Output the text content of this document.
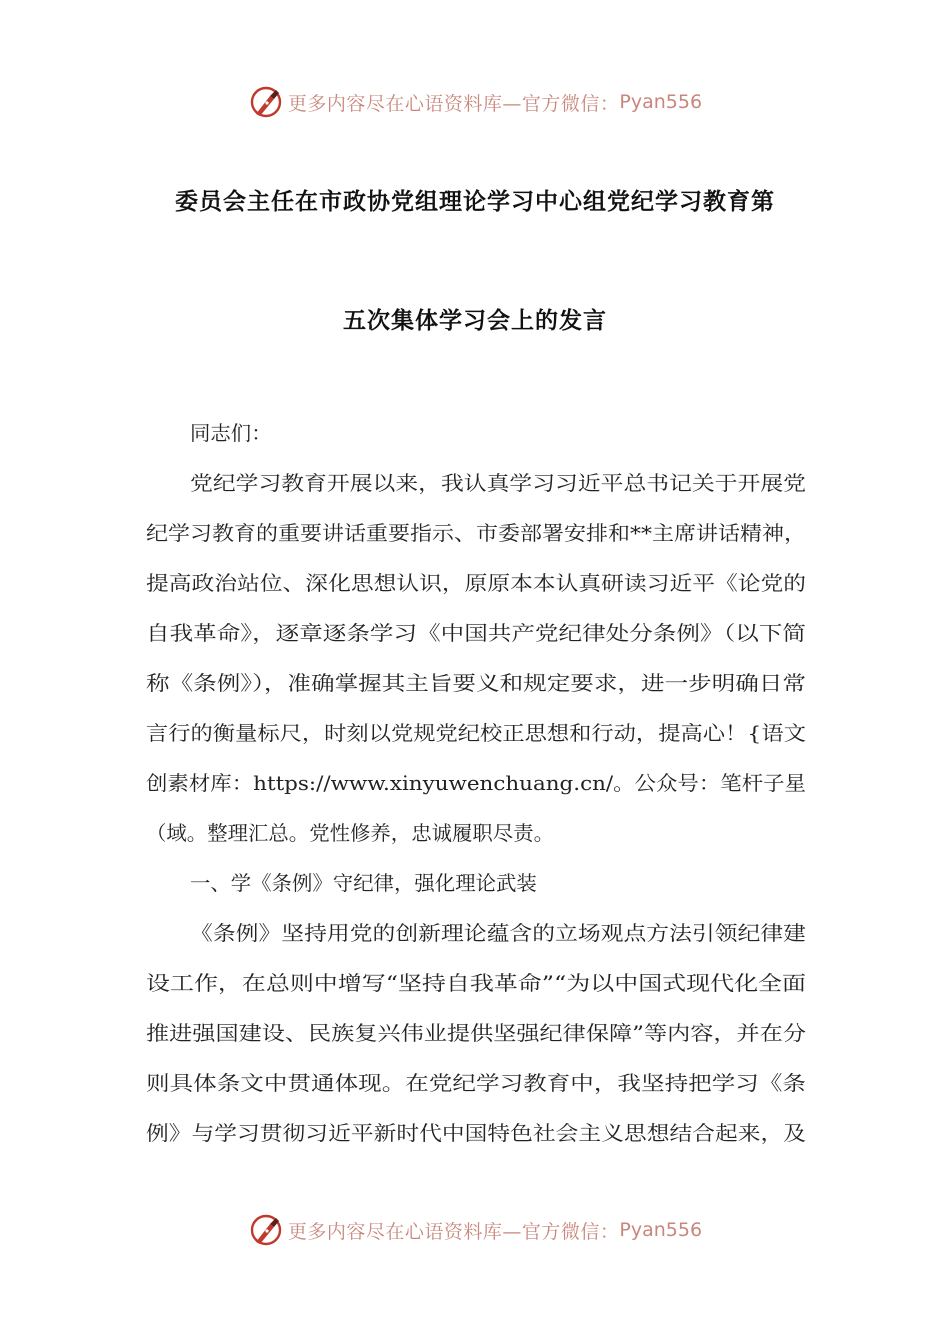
更多内容尽在心语资料库—官方微信： Pyan556
委员会主任在市政协党组理论学习中心组党纪学习教育第
五次集体学习会上的发言
同志们：
党纪学习教育开展以来，我认真学习习近平总书记关于开展党
纪学习教育的重要讲话重要指示、市委部署安排和**主席讲话精神，
提高政治站位、深化思想认识，原原本本认真研读习近平《论党的
自我革命》，逐章逐条学习《中国共产党纪律处分条例》（以下简
称《条例》），准确掌握其主旨要义和规定要求，进一步明确日常
言行的衡量标尺，时刻以党规党纪校正思想和行动，提高心！{语文
创素材库：https://www.xinyuwenchuang.cn/。公众号：笔杆子星
（域。整理汇总。党性修养，忠诚履职尽责。
一、学《条例》守纪律，强化理论武装
《条例》坚持用党的创新理论蕴含的立场观点方法引领纪律建
设工作，在总则中增写“坚持自我革命”“为以中国式现代化全面
推进强国建设、民族复兴伟业提供坚强纪律保障”等内容，并在分
则具体条文中贯通体现。在党纪学习教育中，我坚持把学习《条
例》与学习贯彻习近平新时代中国特色社会主义思想结合起来，及
更多内容尽在心语资料库—官方微信： Pyan556
